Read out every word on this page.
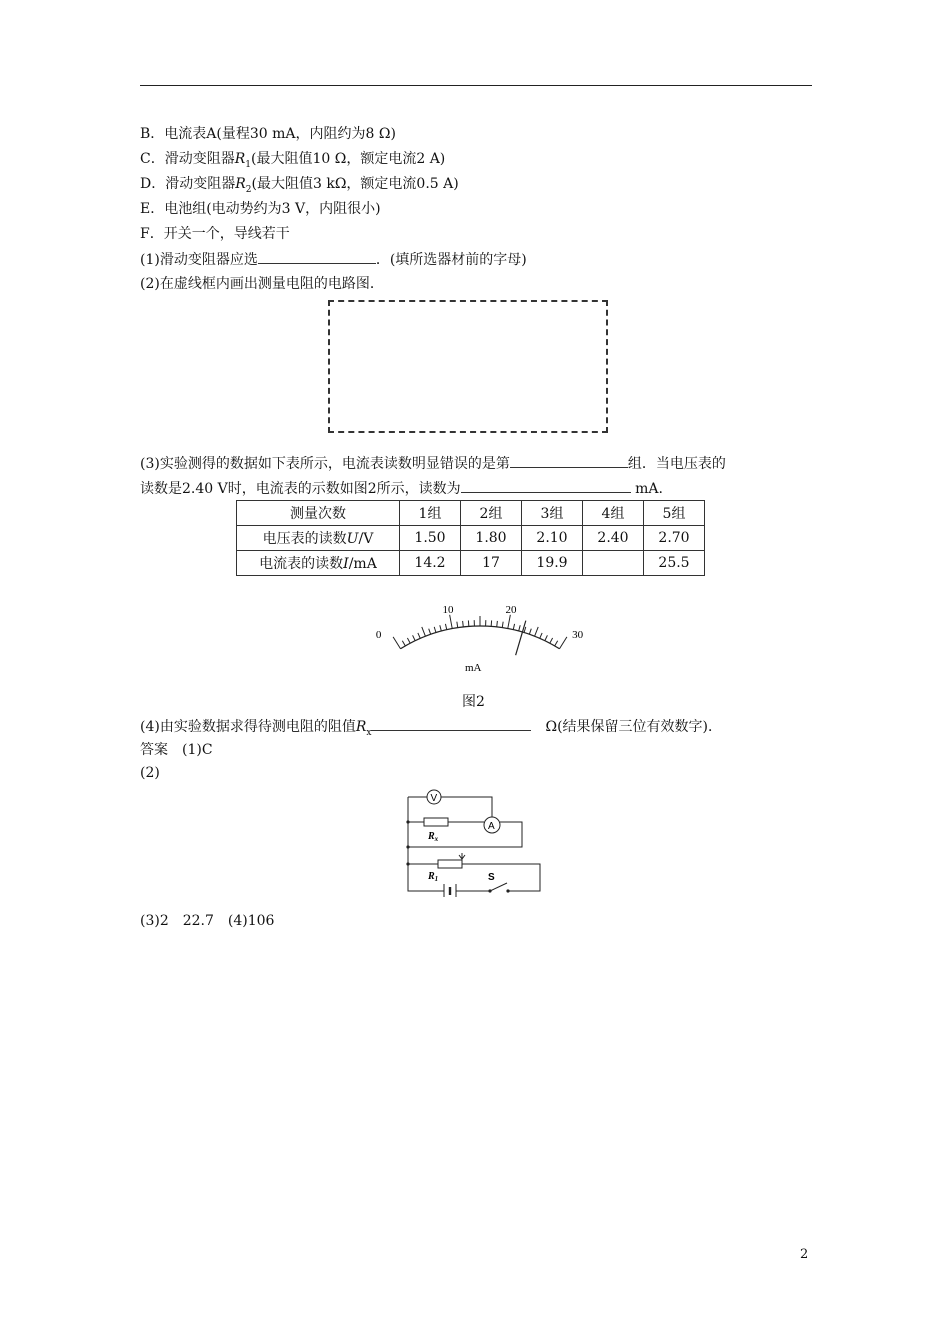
B．电流表A(量程30 mA，内阻约为8 Ω)
C．滑动变阻器$R_1$(最大阻值10 Ω，额定电流2 A)
D．滑动变阻器$R_2$(最大阻值3 kΩ，额定电流0.5 A)
E．电池组(电动势约为3 V，内阻很小)
F．开关一个，导线若干
(1)滑动变阻器应选	．(填所选器材前的字母)
(2)在虚线框内画出测量电阻的电路图．
(3)实验测得的数据如下表所示，电流表读数明显错误的是第	组．当电压表的
读数是2.40 V时，电流表的示数如图2所示，读数为	mA.
测量次数	1组	2组	3组	4组	5组
电压表的读数U/V	1.50	1.80	2.10	2.40	2.70
电流表的读数I/mA	14.2	17	19.9		25.5
0
10	20
30
mA
图2
(4)由实验数据求得待测电阻的阻值$R_x$　	Ω(结果保留三位有效数字)．
答案　(1)C
(2)
V
A
$R_x$
$R_1$	S
(3)2　22.7　(4)106
2
